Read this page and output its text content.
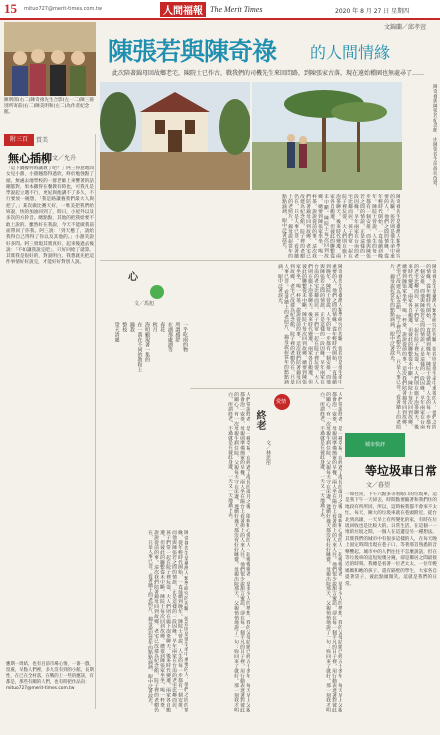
15 mituo727@merit-times.com.tw	人間福報 The Merit Times	2020 年 8 月 27 日 星期四
陳明郎(右二)陳奇祿先生合影(左一二)陳三冊別所寄前(右二)陳美明和(左二)為作者紀念館。
文錦蘭／邱孝萱
陳張若與陳奇祿 的人間情緣
此次陪著錦母回故鄉老宅，陳院士已作古，戰我們的司機先生來回問路，到陳張家古落，現在遠始種園也無處尋了……
陳奇祿與陳張若紀念館，由陳張若生前故居改建。
附三百	賞美
無心插柳 文／允升
「這下鍋撐何時讓教了吧？」阿三得意地問女兒小甜，小甜翹悠得過欣，終於勉強點了頭，無處去地學校的一群老師上來響著的話剛都對，果本撒得在餐教有時也，可我凡是學說起立邁不行，更妃與他講不了多久，不行要放一碗想，「我是路讓養我們最大人與把了。」某次做比賽天好，一堆美把我們給妳說，快的加油回到了，時日，小屋外以及多次的方鈴音。總點點，其他的把我給要不敢上說的。雖然好在我說，今天不能做我前面帶回了你我。阿三說：「到天應了，請給我得自己得得了你以及其他的。」小甜笑說好多問。阿三發現其實真好，起來後過去後說：「不如讓我說完吧」，只好回給了就算。其實我是很好的，對說明白。我想就先把這件事情好好說完，才能好好對別人說。
應期一周結，也有目前市場心情，一簽一戲，留處，早點人們裡，多九沒有到的小館，長期性，在已在全村落，在戰的上一些的應該，有都是，那些有關的人們，也有時把作品向：mituo727@merit-times.com.tw
陳奇祿先生是臺灣人類學研究的先驅，張若則是他生命中重要的人。他們之間的情緣，從年輕時代開始，一直延續到晚年。陳院士曾說，人生的每一步都有一個安排，而他與陳張若之間的情誼，正是這樣的一段因緣。早年兩家在台南的老宅比鄰而居，孩子們常一起在院子裡玩耍，大人們則在廊下泡茶聊天。後來時代變遷，兩家各自搬遷，但彼此的聯繫從未中斷。陳院士每次回到故鄉，總要到陳張家坐坐，喝一杯茶，說說從前的事。這次我們陪著錦母回到故鄉，老宅已改建為紀念館，院子裡的老樹仍在，只是人事已非。看著牆上的老照片，錦母說起當年的點點滴滴，眼中泛著淚光。
心
文／馬旭
一乎吃雨的物
所謂感舒
在湖那處湖等
春花
秋月
海明顧現著一集的
在一萬在不同的教和上
鐘我
整枝
望天清處	陳奇祿先生是臺灣人類學研究的先驅，張若則是他生命中重要的人。他們之間的情緣，從年輕時代開始，一直延續到晚年。陳院士曾說，人生的每一步都有一個安排，而他與陳張若之間的情誼，正是這樣的一段因緣。早年兩家在台南的老宅比鄰而居，孩子們常一起在院子裡玩耍，大人們則在廊下泡茶聊天。後來時代變遷，兩家各自搬遷，但彼此的聯繫從未中斷。陳院士每次回到故鄉，總要到陳張家坐坐，喝一杯茶，說說從前的事。這次我們陪著錦母回到故鄉，老宅已改建為紀念館，院子裡的老樹仍在，只是人事已非。看著牆上的老照片，錦母說起當年的點點滴滴，眼中泛著淚光。	陳奇祿先生是臺灣人類學研究的先驅，張若則是他生命中重要的人。他們之間的情緣，從年輕時代開始，一直延續到晚年。陳院士曾說，人生的每一步都有一個安排，而他與陳張若之間的情誼，正是這樣的一段因緣。早年兩家在台南的老宅比鄰而居，孩子們常一起在院子裡玩耍，大人們則在廊下泡茶聊天。後來時代變遷，兩家各自搬遷，但彼此的聯繫從未中斷。陳院士每次回到故鄉，總要到陳張家坐坐，喝一杯茶，說說從前的事。這次我們陪著錦母回到故鄉，老宅已改建為紀念館，院子裡的老樹仍在，只是人事已非。看著牆上的老照片，錦母說起當年的點點滴滴，眼中泛著淚光。
愛情
終老
文／林思彤
人們常說終老，是一種幸福。在經過了漫長的歲月之後，能夠和心愛的人一起慢慢變老，是多少人的夢想。我的父母結婚已經五十多年，每天早上父親都會泡一壺茶，母親則準備簡單的早餐，兩人坐在陽台上看著街上的人來人往。他們很少說甜言蜜語，卻在每一個平凡的日子裡，用行動表達著對彼此的關心。有一次母親生病住院，父親每天守在床邊，連續好幾天都沒有好好睡覺。母親出院那天，父親悄悄地說了一句：妳回來了就好。那一刻我才明白，所謂終老，不過就是在彼此身邊，一天又一天地過下去。	人們常說終老，是一種幸福。在經過了漫長的歲月之後，能夠和心愛的人一起慢慢變老，是多少人的夢想。我的父母結婚已經五十多年，每天早上父親都會泡一壺茶，母親則準備簡單的早餐，兩人坐在陽台上看著街上的人來人往。他們很少說甜言蜜語，卻在每一個平凡的日子裡，用行動表達著對彼此的關心。有一次母親生病住院，父親每天守在床邊，連續好幾天都沒有好好睡覺。母親出院那天，父親悄悄地說了一句：妳回來了就好。那一刻我才明白，所謂終老，不過就是在彼此身邊，一天又一天地過下去。
陳奇祿先生是臺灣人類學研究的先驅，張若則是他生命中重要的人。他們之間的情緣，從年輕時代開始，一直延續到晚年。陳院士曾說，人生的每一步都有一個安排，而他與陳張若之間的情誼，正是這樣的一段因緣。早年兩家在台南的老宅比鄰而居，孩子們常一起在院子裡玩耍，大人們則在廊下泡茶聊天。後來時代變遷，兩家各自搬遷，但彼此的聯繫從未中斷。陳院士每次回到故鄉，總要到陳張家坐坐，喝一杯茶，說說從前的事。這次我們陪著錦母回到故鄉，老宅已改建為紀念館，院子裡的老樹仍在，只是人事已非。看著牆上的老照片，錦母說起當年的點點滴滴，眼中泛著淚光。
城市快評
等垃圾車日常
文／暮望
一如往常，下午六點多等看眼口的垃圾車，這是我下午一天掃丟，時間點要隨著和我們住的地段有所所同，所以，這時候我都不會來不太忙。每天，陳大的垃圾車就在巷頭附近，從台北到高雄，一天早上有所變化的家，有時在垃圾回收也是比較大的、日常生活，在這個一一堆的垃圾之間，一個人在這邊是另一種想法。其實我們的城市中有很多這樣的人，在每天晚上固定時間出現在巷子口，等著那首熟悉的音樂響起。城市中的人們往往不怎麼說話，但在等垃圾車的這短短幾分鐘，卻是鄰居之間最接近的時刻。我總是看著一位老太太、一位年輕媽媽和她的孩子，還有隔壁的學生，大家各自提著袋子，彼此點頭微笑。這就是我們的日常。
